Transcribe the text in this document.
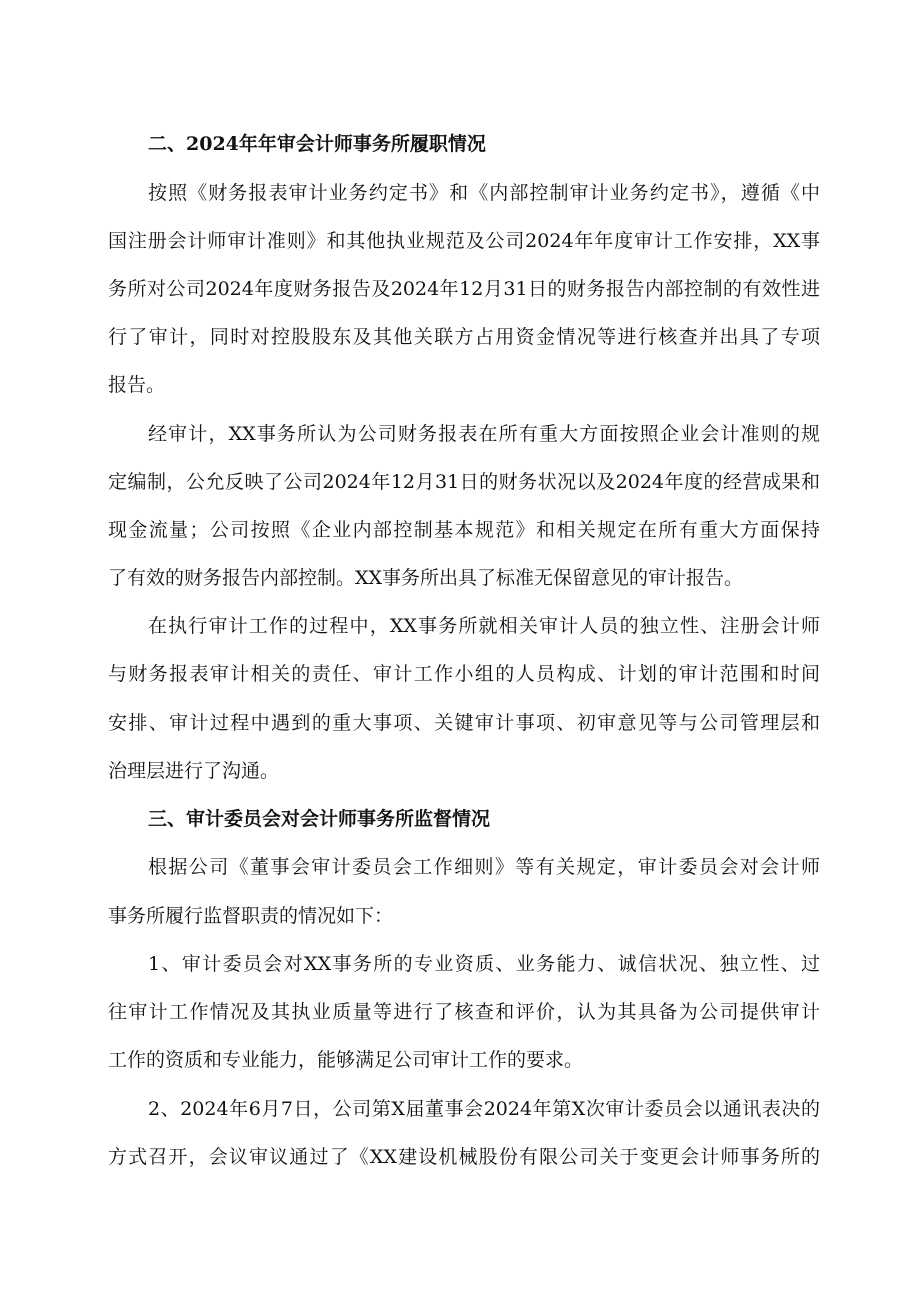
二、2024年年审会计师事务所履职情况
按照《财务报表审计业务约定书》和《内部控制审计业务约定书》，遵循《中
国注册会计师审计准则》和其他执业规范及公司2024年年度审计工作安排，XX事
务所对公司2024年度财务报告及2024年12月31日的财务报告内部控制的有效性进
行了审计，同时对控股股东及其他关联方占用资金情况等进行核查并出具了专项
报告。
经审计，XX事务所认为公司财务报表在所有重大方面按照企业会计准则的规
定编制，公允反映了公司2024年12月31日的财务状况以及2024年度的经营成果和
现金流量；公司按照《企业内部控制基本规范》和相关规定在所有重大方面保持
了有效的财务报告内部控制。XX事务所出具了标准无保留意见的审计报告。
在执行审计工作的过程中，XX事务所就相关审计人员的独立性、注册会计师
与财务报表审计相关的责任、审计工作小组的人员构成、计划的审计范围和时间
安排、审计过程中遇到的重大事项、关键审计事项、初审意见等与公司管理层和
治理层进行了沟通。
三、审计委员会对会计师事务所监督情况
根据公司《董事会审计委员会工作细则》等有关规定，审计委员会对会计师
事务所履行监督职责的情况如下：
1、审计委员会对XX事务所的专业资质、业务能力、诚信状况、独立性、过
往审计工作情况及其执业质量等进行了核查和评价，认为其具备为公司提供审计
工作的资质和专业能力，能够满足公司审计工作的要求。
2、2024年6月7日，公司第X届董事会2024年第X次审计委员会以通讯表决的
方式召开，会议审议通过了《XX建设机械股份有限公司关于变更会计师事务所的
